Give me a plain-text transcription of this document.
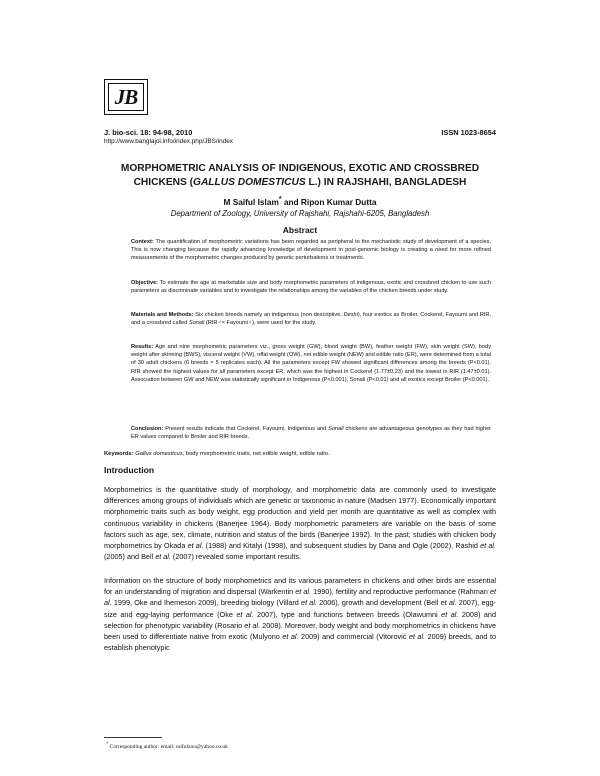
JB
J. bio-sci. 18: 94-98, 2010
http://www.banglajol.info/index.php/JBS/index
ISSN 1023-8654
MORPHOMETRIC ANALYSIS OF INDIGENOUS, EXOTIC AND CROSSBRED
CHICKENS (GALLUS DOMESTICUS L.) IN RAJSHAHI, BANGLADESH
M Saiful Islam* and Ripon Kumar Dutta
Department of Zoology, University of Rajshahi, Rajshahi-6205, Bangladesh
Abstract
Context: The quantification of morphometric variations has been regarded as peripheral to the mechanistic study of development of a species. This is now changing because the rapidly advancing knowledge of development in post-genomic biology is creating a need for more refined measurements of the morphometric changes produced by genetic perturbations or treatments.
Objective: To estimate the age at marketable size and body morphometric parameters of indigenous, exotic and crossbred chicken to use such parameters as discriminate variables and to investigate the relationships among the variables of the chicken breeds under study.
Materials and Methods: Six chicken breeds namely an indigenous (non descriptive, Deshi), four exotics as Broiler, Cockerel, Fayoumi and RIR, and a crossbred called Sonali (RIR♂× Fayoumi♀), were used for the study.
Results: Age and nine morphometric parameters viz., gross weight (GW), blood weight (BW), feather weight (FW), skin weight (SW), body weight after skinning (BWS), visceral weight (VW), offal weight (OW), net edible weight (NEW) and edible ratio (ER), were determined from a total of 30 adult chickens (6 breeds × 5 replicates each). All the parameters except FW showed significant differences among the breeds (P<0.01). RIR showed the highest values for all parameters except ER, which was the highest in Cockerel (1.77±0.23) and the lowest in RIR (1.47±0.01). Association between GW and NEW was statistically significant in Indigenous (P<0.001), Sonali (P<0.01) and all exotics except Broiler (P<0.001).
Conclusion: Present results indicate that Cockerel, Fayoumi, Indigenous and Sonali chickens are advantageous genotypes as they had higher ER values compared to Broiler and RIR breeds.
Keywords: Gallus domesticus, body morphometric traits, net edible weight, edible ratio.
Introduction
Morphometrics is the quantitative study of morphology, and morphometric data are commonly used to investigate differences among groups of individuals which are genetic or taxonomic in nature (Madsen 1977). Economically important morphometric traits such as body weight, egg production and yield per month are quantitative as well as complex with continuous variability in chickens (Banerjee 1964). Body morphometric parameters are variable on the basis of some factors such as age, sex, climate, nutrition and status of the birds (Banerjee 1992). In the past, studies with chicken body morphometrics by Okada et al. (1988) and Kitalyi (1998), and subsequent studies by Dana and Ogle (2002), Rashid et al. (2005) and Bell et al. (2007) revealed some important results.
Information on the structure of body morphometrics and its various parameters in chickens and other birds are essential for an understanding of migration and dispersal (Warkentin et al. 1990), fertility and reproductive performance (Rahman et al. 1999, Oke and Ihemeson 2009), breeding biology (Villard et al. 2006), growth and development (Bell et al. 2007), egg-size and egg-laying performance (Oke et al. 2007), type and functions between breeds (Olawumni et al. 2008) and selection for phenotypic variability (Rosario et al. 2008). Moreover, body weight and body morphometrics in chickens have been used to differentiate native from exotic (Mulyono et al. 2009) and commercial (Vitorović et al. 2009) breeds, and to establish phenotypic
* Corresponding author: email: saifulzoo@yahoo.co.uk
